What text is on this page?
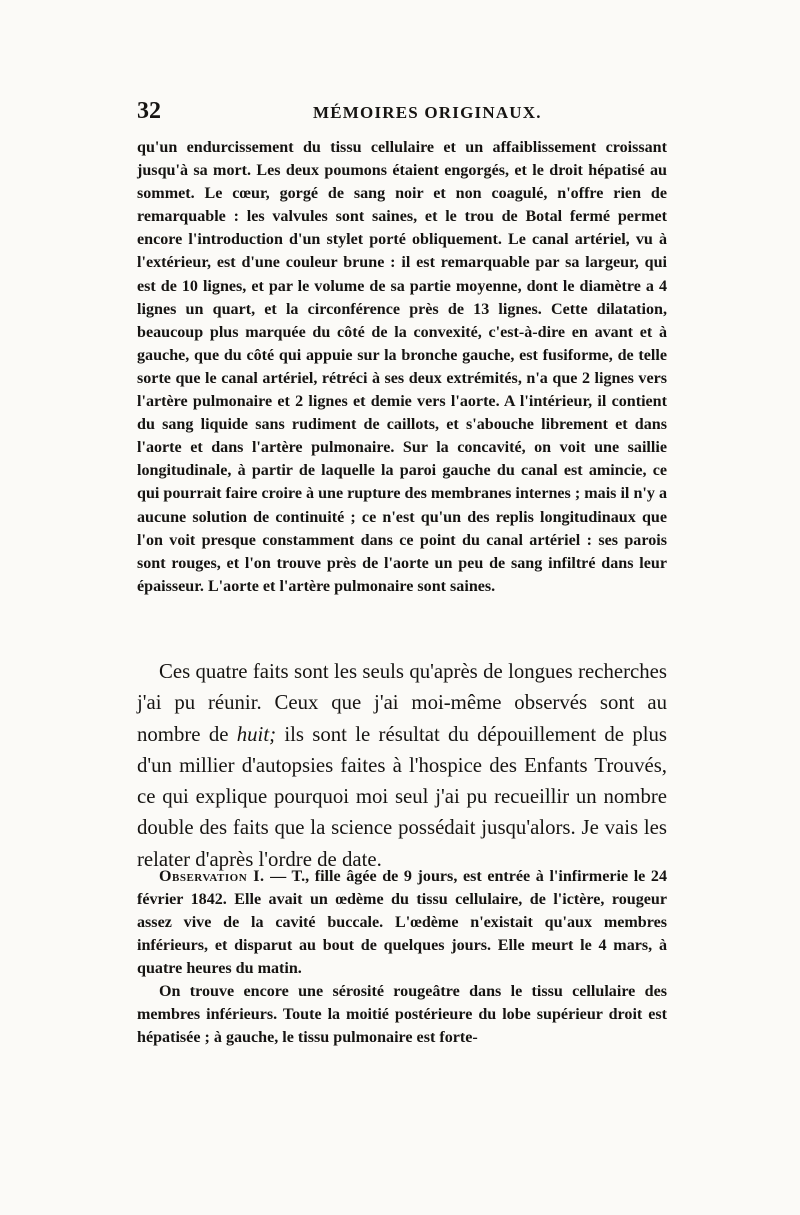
32	MÉMOIRES ORIGINAUX.

qu'un endurcissement du tissu cellulaire et un affaiblissement croissant jusqu'à sa mort. Les deux poumons étaient engorgés, et le droit hépatisé au sommet. Le cœur, gorgé de sang noir et non coagulé, n'offre rien de remarquable : les valvules sont saines, et le trou de Botal fermé permet encore l'introduction d'un stylet porté obliquement. Le canal artériel, vu à l'extérieur, est d'une couleur brune : il est remarquable par sa largeur, qui est de 10 lignes, et par le volume de sa partie moyenne, dont le diamètre a 4 lignes un quart, et la circonférence près de 13 lignes. Cette dilatation, beaucoup plus marquée du côté de la convexité, c'est-à-dire en avant et à gauche, que du côté qui appuie sur la bronche gauche, est fusiforme, de telle sorte que le canal artériel, rétréci à ses deux extrémités, n'a que 2 lignes vers l'artère pulmonaire et 2 lignes et demie vers l'aorte. A l'intérieur, il contient du sang liquide sans rudiment de caillots, et s'abouche librement et dans l'aorte et dans l'artère pulmonaire. Sur la concavité, on voit une saillie longitudinale, à partir de laquelle la paroi gauche du canal est amincie, ce qui pourrait faire croire à une rupture des membranes internes ; mais il n'y a aucune solution de continuité ; ce n'est qu'un des replis longitudinaux que l'on voit presque constamment dans ce point du canal artériel : ses parois sont rouges, et l'on trouve près de l'aorte un peu de sang infiltré dans leur épaisseur. L'aorte et l'artère pulmonaire sont saines.

Ces quatre faits sont les seuls qu'après de longues recherches j'ai pu réunir. Ceux que j'ai moi-même observés sont au nombre de huit; ils sont le résultat du dépouillement de plus d'un millier d'autopsies faites à l'hospice des Enfants Trouvés, ce qui explique pourquoi moi seul j'ai pu recueillir un nombre double des faits que la science possédait jusqu'alors. Je vais les relater d'après l'ordre de date.

Observation I. — T., fille âgée de 9 jours, est entrée à l'infirmerie le 24 février 1842. Elle avait un œdème du tissu cellulaire, de l'ictère, rougeur assez vive de la cavité buccale. L'œdème n'existait qu'aux membres inférieurs, et disparut au bout de quelques jours. Elle meurt le 4 mars, à quatre heures du matin.

On trouve encore une sérosité rougeâtre dans le tissu cellulaire des membres inférieurs. Toute la moitié postérieure du lobe supérieur droit est hépatisée ; à gauche, le tissu pulmonaire est forte-
